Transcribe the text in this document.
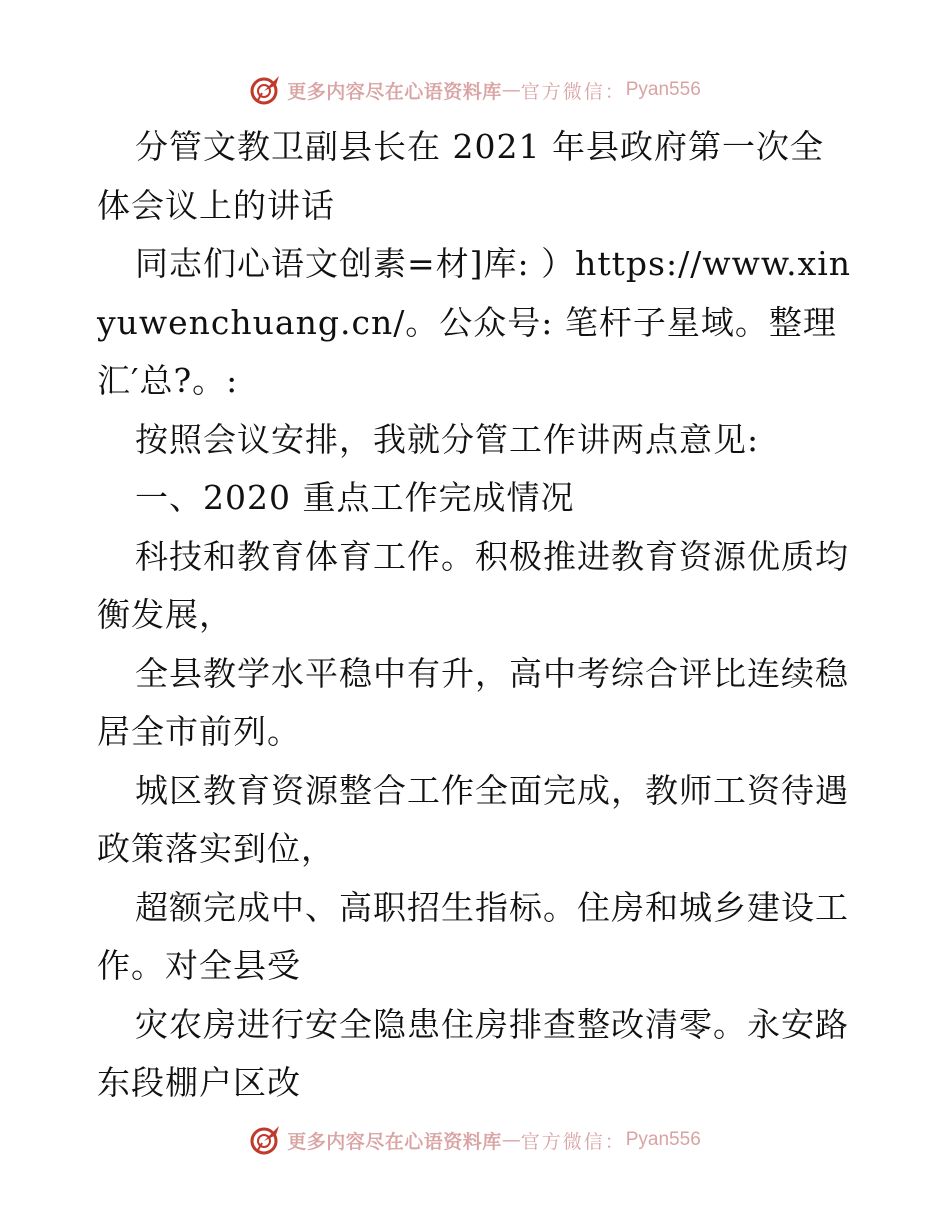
更多内容尽在心语资料库 — 官方微信： Pyan556

分管文教卫副县长在 2021 年县政府第一次全体会议上的讲话

同志们心语文创素=材]库: ）https://www.xinyuwenchuang.cn/。公众号: 笔杆子星域。整理汇′总?。:

按照会议安排，我就分管工作讲两点意见:

一、2020 重点工作完成情况

科技和教育体育工作。积极推进教育资源优质均衡发展，

全县教学水平稳中有升，高中考综合评比连续稳居全市前列。

城区教育资源整合工作全面完成，教师工资待遇政策落实到位，

超额完成中、高职招生指标。住房和城乡建设工作。对全县受

灾农房进行安全隐患住房排查整改清零。永安路东段棚户区改

更多内容尽在心语资料库 — 官方微信： Pyan556
